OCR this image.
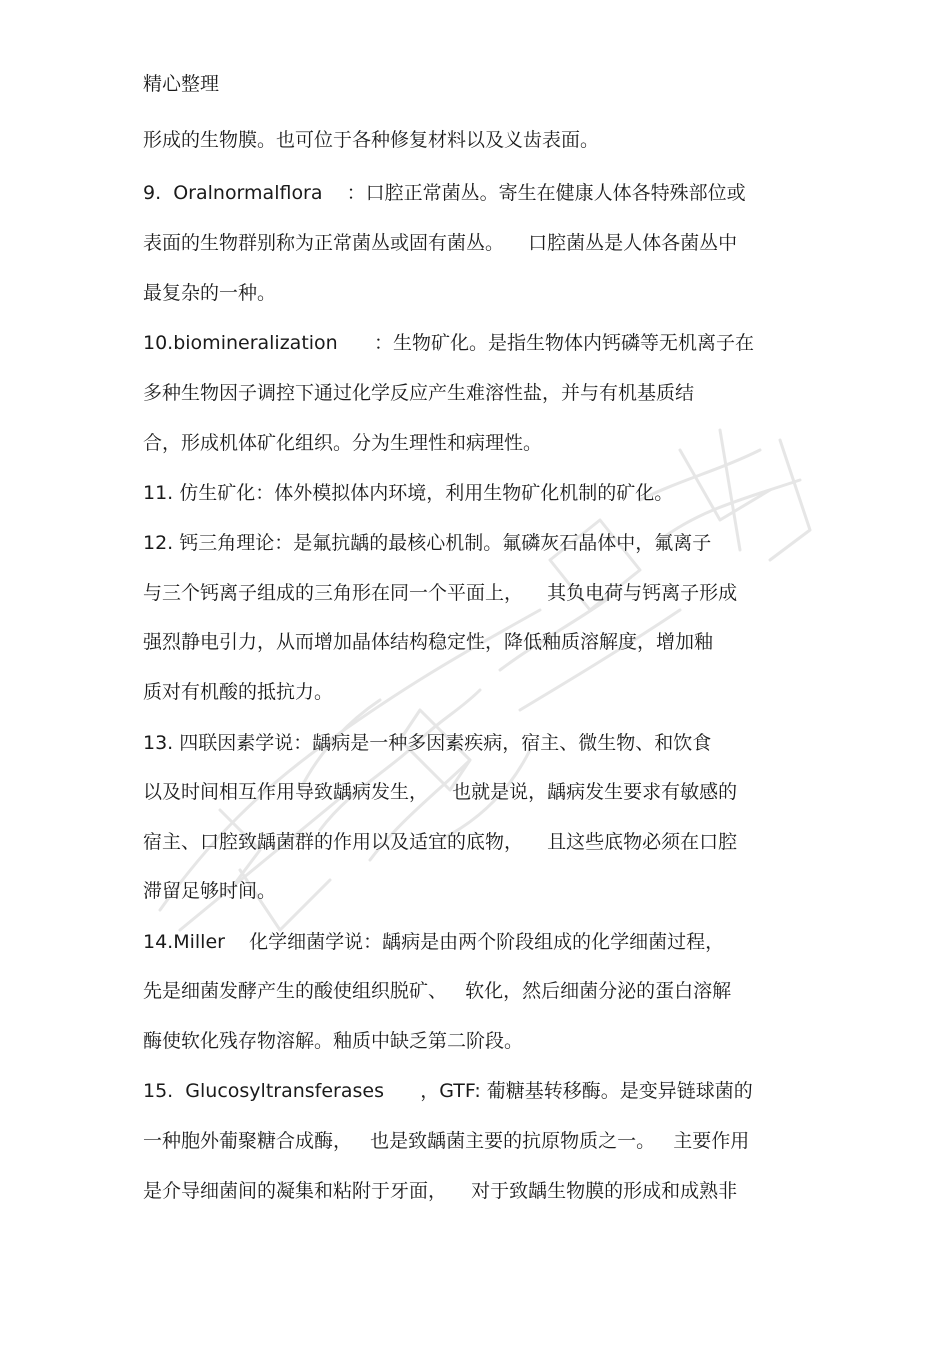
精心整理
形成的生物膜。也可位于各种修复材料以及义齿表面。
9.  Oralnormalflora    ：口腔正常菌丛。寄生在健康人体各特殊部位或
表面的生物群别称为正常菌丛或固有菌丛。    口腔菌丛是人体各菌丛中
最复杂的一种。
10.biomineralization      ：生物矿化。是指生物体内钙磷等无机离子在
多种生物因子调控下通过化学反应产生难溶性盐，并与有机基质结
合，形成机体矿化组织。分为生理性和病理性。
11. 仿生矿化：体外模拟体内环境，利用生物矿化机制的矿化。
12. 钙三角理论：是氟抗龋的最核心机制。氟磷灰石晶体中，氟离子
与三个钙离子组成的三角形在同一个平面上，    其负电荷与钙离子形成
强烈静电引力，从而增加晶体结构稳定性，降低釉质溶解度，增加釉
质对有机酸的抵抗力。
13. 四联因素学说：龋病是一种多因素疾病，宿主、微生物、和饮食
以及时间相互作用导致龋病发生，    也就是说，龋病发生要求有敏感的
宿主、口腔致龋菌群的作用以及适宜的底物，    且这些底物必须在口腔
滞留足够时间。
14.Miller    化学细菌学说：龋病是由两个阶段组成的化学细菌过程，
先是细菌发酵产生的酸使组织脱矿、   软化，然后细菌分泌的蛋白溶解
酶使软化残存物溶解。釉质中缺乏第二阶段。
15.  Glucosyltransferases      ，GTF: 葡糖基转移酶。是变异链球菌的
一种胞外葡聚糖合成酶，   也是致龋菌主要的抗原物质之一。   主要作用
是介导细菌间的凝集和粘附于牙面，    对于致龋生物膜的形成和成熟非
